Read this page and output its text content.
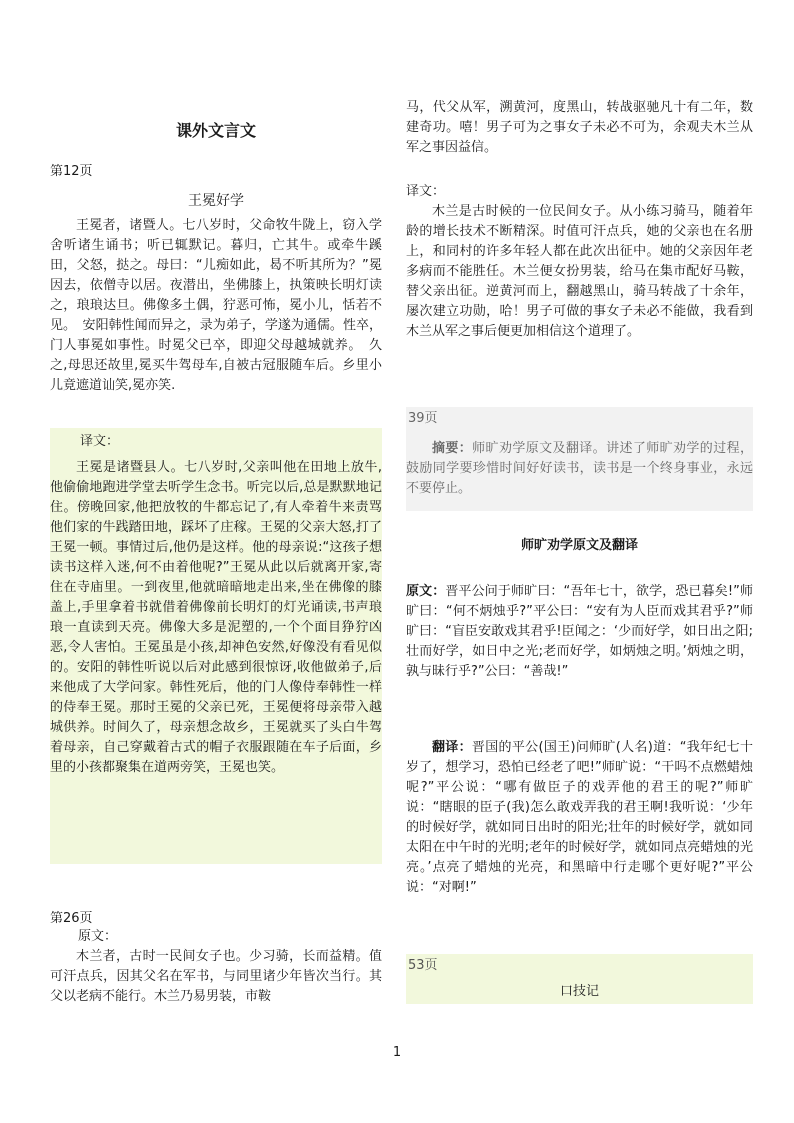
课外文言文
第12页
王冕好学

王冕者，诸暨人。七八岁时，父命牧牛陇上，窃入学舍听诸生诵书；听已辄默记。暮归，亡其牛。或牵牛蹊田，父怒，挞之。母曰：“儿痴如此，曷不听其所为？”冕因去，依僧寺以居。夜潜出，坐佛膝上，执策映长明灯读之，琅琅达旦。佛像多土偶，狞恶可怖，冕小儿，恬若不见。　安阳韩性闻而异之，录为弟子，学遂为通儒。性卒，门人事冕如事性。时冕父已卒，即迎父母越城就养。　久之,母思还故里,冕买牛驾母车,自被古冠服随车后。乡里小儿竟遮道讪笑,冕亦笑.

译文：

王冕是诸暨县人。七八岁时,父亲叫他在田地上放牛,他偷偷地跑进学堂去听学生念书。听完以后,总是默默地记住。傍晚回家,他把放牧的牛都忘记了,有人牵着牛来责骂他们家的牛践踏田地，踩坏了庄稼。王冕的父亲大怒,打了王冕一顿。事情过后,他仍是这样。他的母亲说:“这孩子想读书这样入迷,何不由着他呢?”王冕从此以后就离开家,寄住在寺庙里。一到夜里,他就暗暗地走出来,坐在佛像的膝盖上,手里拿着书就借着佛像前长明灯的灯光诵读,书声琅琅一直读到天亮。佛像大多是泥塑的,一个个面目狰狞凶恶,令人害怕。王冕虽是小孩,却神色安然,好像没有看见似的。安阳的韩性听说以后对此感到很惊讶,收他做弟子,后来他成了大学问家。韩性死后，他的门人像侍奉韩性一样的侍奉王冕。那时王冕的父亲已死，王冕便将母亲带入越城供养。时间久了，母亲想念故乡，王冕就买了头白牛驾着母亲，自己穿戴着古式的帽子衣服跟随在车子后面，乡里的小孩都聚集在道两旁笑，王冕也笑。

第26页

原文：

木兰者，古时一民间女子也。少习骑，长而益精。值可汗点兵，因其父名在军书，与同里诸少年皆次当行。其父以老病不能行。木兰乃易男装，市鞍

马，代父从军，溯黄河，度黑山，转战驱驰凡十有二年，数建奇功。嘻！男子可为之事女子未必不可为，余观夫木兰从军之事因益信。

译文：

木兰是古时候的一位民间女子。从小练习骑马，随着年龄的增长技术不断精深。时值可汗点兵，她的父亲也在名册上，和同村的许多年轻人都在此次出征中。她的父亲因年老多病而不能胜任。木兰便女扮男装，给马在集市配好马鞍，替父亲出征。逆黄河而上，翻越黑山，骑马转战了十余年，屡次建立功勋，哈！男子可做的事女子未必不能做，我看到木兰从军之事后便更加相信这个道理了。

39页

摘要：师旷劝学原文及翻译。讲述了师旷劝学的过程，鼓励同学要珍惜时间好好读书，读书是一个终身事业，永远不要停止。

师旷劝学原文及翻译

原文：晋平公问于师旷曰：“吾年七十，欲学，恐已暮矣!”师旷曰：“何不炳烛乎?”平公曰：“安有为人臣而戏其君乎?”师旷曰：“盲臣安敢戏其君乎!臣闻之：‘少而好学，如日出之阳;壮而好学，如日中之光;老而好学，如炳烛之明。’炳烛之明，孰与昧行乎?”公曰：“善哉!”

翻译：晋国的平公(国王)问师旷(人名)道：“我年纪七十岁了，想学习，恐怕已经老了吧!”师旷说：“干吗不点燃蜡烛呢?”平公说：“哪有做臣子的戏弄他的君王的呢?”师旷说：“瞎眼的臣子(我)怎么敢戏弄我的君王啊!我听说：‘少年的时候好学，就如同日出时的阳光;壮年的时候好学，就如同太阳在中午时的光明;老年的时候好学，就如同点亮蜡烛的光亮。’点亮了蜡烛的光亮，和黑暗中行走哪个更好呢?”平公说：“对啊!”

53页

口技记

1
